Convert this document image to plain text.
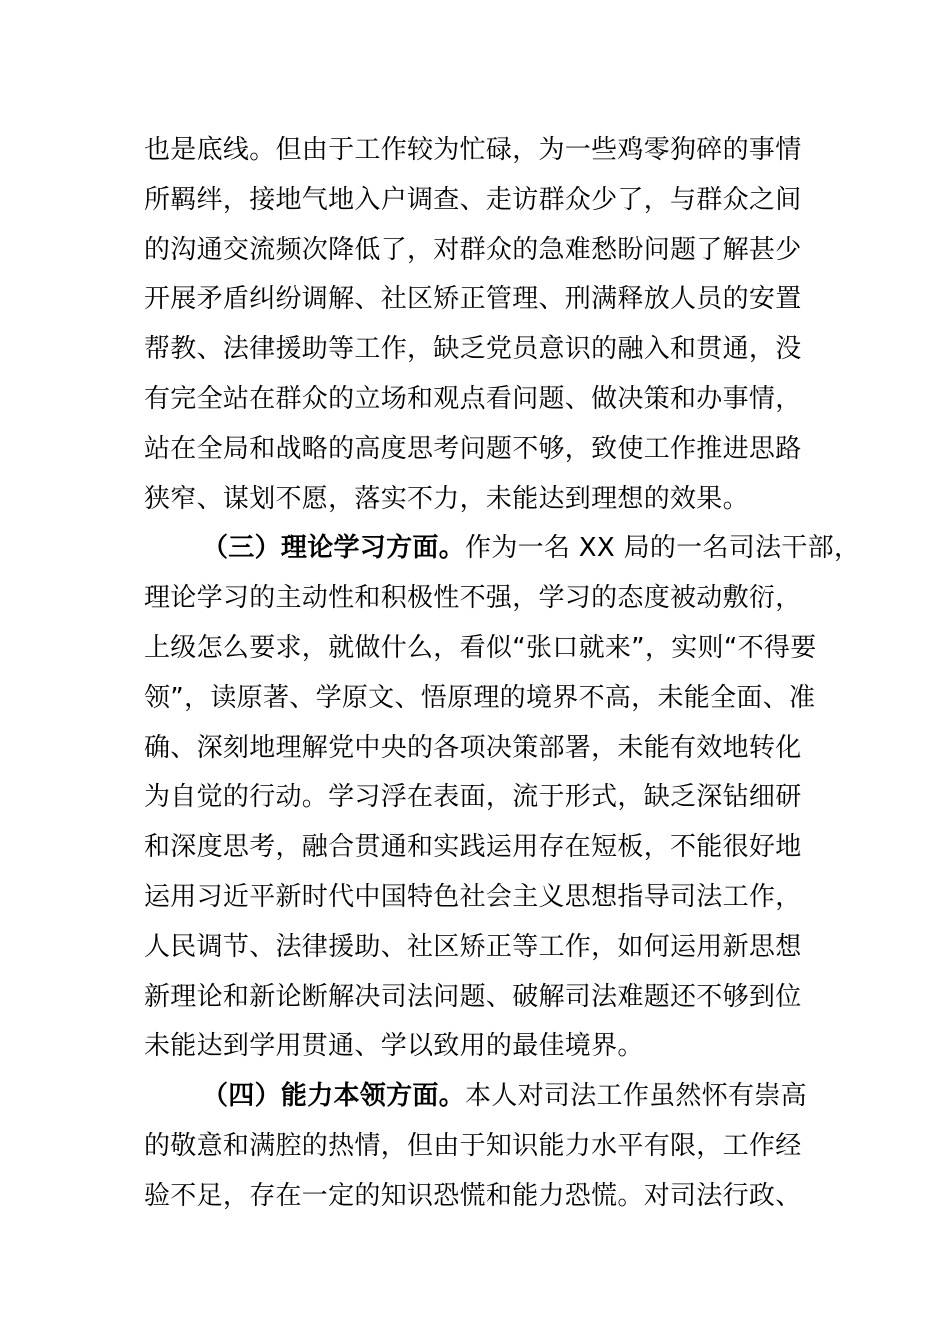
也是底线。但由于工作较为忙碌，为一些鸡零狗碎的事情
所羁绊，接地气地入户调查、走访群众少了，与群众之间
的沟通交流频次降低了，对群众的急难愁盼问题了解甚少
开展矛盾纠纷调解、社区矫正管理、刑满释放人员的安置
帮教、法律援助等工作，缺乏党员意识的融入和贯通，没
有完全站在群众的立场和观点看问题、做决策和办事情，
站在全局和战略的高度思考问题不够，致使工作推进思路
狭窄、谋划不愿，落实不力，未能达到理想的效果。
（三）理论学习方面。作为一名 XX 局的一名司法干部，
理论学习的主动性和积极性不强，学习的态度被动敷衍，
上级怎么要求，就做什么，看似“张口就来”，实则“不得要
领”，读原著、学原文、悟原理的境界不高，未能全面、准
确、深刻地理解党中央的各项决策部署，未能有效地转化
为自觉的行动。学习浮在表面，流于形式，缺乏深钻细研
和深度思考，融合贯通和实践运用存在短板，不能很好地
运用习近平新时代中国特色社会主义思想指导司法工作，
人民调节、法律援助、社区矫正等工作，如何运用新思想
新理论和新论断解决司法问题、破解司法难题还不够到位
未能达到学用贯通、学以致用的最佳境界。
（四）能力本领方面。本人对司法工作虽然怀有崇高
的敬意和满腔的热情，但由于知识能力水平有限，工作经
验不足，存在一定的知识恐慌和能力恐慌。对司法行政、
